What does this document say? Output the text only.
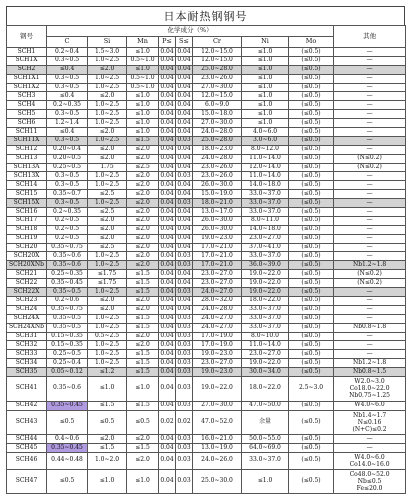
日本耐热钢钢号
钢号	化学成分（%）								其他
	C	Si	Mn	P≤	S≤	Cr	Ni	Mo	
SCH1	0.2~0.4	1.5~3.0	≤1.0	0.04	0.04	12.0~15.0	≤1.0	(≤0.5)	—
SCH1X	0.3~0.5	1.0~2.5	0.5~1.0	0.04	0.04	12.0~15.0	≤1.0	(≤0.5)	—
SCH2	≤0.4	≤2.0	≤1.0	0.04	0.04	25.0~28.0	≤1.0	(≤0.5)	—
SCH1X1	0.3~0.5	1.0~2.5	0.5~1.0	0.04	0.04	23.0~26.0	≤1.0	(≤0.5)	—
SCH1X2	0.3~0.5	1.0~2.5	0.5~1.0	0.04	0.04	27.0~30.0	≤1.0	(≤0.5)	—
SCH3	≤0.4	≤2.0	≤1.0	0.04	0.04	12.0~15.0	≤1.0	(≤0.5)	—
SCH4	0.2~0.35	1.0~2.5	≤1.0	0.04	0.04	6.0~9.0	≤1.0	(≤0.5)	—
SCH5	0.3~0.5	1.0~2.5	≤1.0	0.04	0.04	15.0~18.0	≤1.0	(≤0.5)	—
SCH6	1.2~1.4	1.0~2.5	≤1.0	0.04	0.04	27.0~30.0	≤1.0	(≤0.5)	—
SCH11	≤0.4	≤2.0	≤1.0	0.04	0.04	24.0~28.0	4.0~6.0	(≤0.5)	—
SCH11X	0.3~0.5	1.0~2.5	≤1.5	0.04	0.03	25.0~28.0	3.0~6.0	(≤0.5)	—
SCH12	0.20~0.4	≤2.0	≤2.0	0.04	0.04	18.0~23.0	8.0~12.0	(≤0.5)	—
SCH13	0.20~0.5	≤2.0	≤2.0	0.04	0.04	24.0~28.0	11.0~14.0	(≤0.5)	(N≤0.2)
SCH13A	0.25~0.5	1.75	≤2.5	0.04	0.04	23.0~26.0	12.0~14.0	(≤0.5)	(N≤0.2)
SCH13X	0.3~0.5	1.0~2.5	≤2.0	0.04	0.03	23.0~26.0	11.0~14.0	(≤0.5)	—
SCH14	0.3~0.5	1.0~2.5	≤2.0	0.04	0.04	26.0~30.0	14.0~18.0	(≤0.5)	—
SCH15	0.35~0.7	≤2.5	≤2.0	0.04	0.04	15.0~19.0	33.0~37.0	(≤0.5)	—
SCH15X	0.3~0.5	1.0~2.5	≤2.0	0.04	0.03	18.0~21.0	33.0~37.0	(≤0.5)	—
SCH16	0.2~0.35	≤2.5	≤2.0	0.04	0.04	13.0~17.0	33.0~37.0	(≤0.5)	—
SCH17	0.2~0.5	≤2.0	≤2.0	0.04	0.04	26.0~30.0	8.0~11.0	(≤0.5)	—
SCH18	0.2~0.5	≤2.0	≤2.0	0.04	0.04	26.0~30.0	14.0~18.0	(≤0.5)	—
SCH19	0.2~0.5	≤2.0	≤2.0	0.04	0.04	19.0~23.0	23.0~27.0	(≤0.5)	—
SCH20	0.35~0.75	≤2.5	≤2.0	0.04	0.04	17.0~21.0	37.0~41.0	(≤0.5)	—
SCH20X	0.35~0.6	1.0~2.5	≤2.0	0.04	0.03	17.0~21.0	33.0~37.0	(≤0.5)	—
SCH20XNb	0.35~0.6	1.0~2.5	≤2.0	0.04	0.03	17.0~21.0	36.0~39.0	(≤0.5)	Nb1.2~1.8
SCH21	0.25~0.35	≤1.75	≤1.5	0.04	0.04	23.0~27.0	19.0~22.0	(≤0.5)	(N≤0.2)
SCH22	0.35~0.45	≤1.75	≤1.5	0.04	0.04	23.0~27.0	19.0~22.0	(≤0.5)	(N≤0.2)
SCH22X	0.35~0.5	1.0~2.5	≤1.5	0.04	0.03	24.0~27.0	19.0~22.0	(≤0.5)	—
SCH23	0.2~0.6	≤2.0	≤2.0	0.04	0.04	28.0~32.0	18.0~22.0	(≤0.5)	—
SCH24	0.35~0.75	≤2.0	≤2.0	0.04	0.04	24.0~28.0	33.0~37.0	(≤0.5)	—
SCH24X	0.35~0.5	1.0~2.5	≤1.5	0.04	0.03	24.0~27.0	33.0~37.0	(≤0.5)	—
SCH24XNb	0.35~0.5	1.0~2.5	≤1.5	0.04	0.03	24.0~27.0	33.0~37.0	(≤0.5)	Nb0.8~1.8
SCH31	0.15~0.35	0.5~2.5	≤2.0	0.04	0.03	17.0~19.0	8.0~10.0	(≤0.5)	—
SCH32	0.15~0.35	1.0~2.5	≤2.0	0.04	0.03	17.0~19.0	11.0~14.0	(≤0.5)	—
SCH33	0.25~0.5	1.0~2.5	≤1.5	0.04	0.03	19.0~23.0	23.0~27.0	(≤0.5)	—
SCH34	0.25~0.4	1.0~2.5	≤1.5	0.04	0.03	23.0~27.0	19.0~22.0	(≤0.5)	Nb1.2~1.8
SCH35	0.05~0.12	≤1.2	≤1.5	0.04	0.03	19.0~23.0	30.0~34.0	(≤0.5)	Nb0.8~1.5
SCH41	0.35~0.6	≤1.0	≤1.0	0.04	0.03	19.0~22.0	18.0~22.0	2.5~3.0	W2.0~3.0
Co18.0~22.0
Nb0.75~1.25

SCH42	0.35~0.45	≤1.5	≤1.5	0.04	0.03	27.0~30.0	47.0~50.0	(≤0.5)	W4.0~6.0
SCH43	≤0.5	≤0.5	≤0.5	0.02	0.02	47.0~52.0	余量	(≤0.5)	Nb1.4~1.7
N≤0.16
(N+C)≤0.2

SCH44	0.4~0.6	≤2.0	≤2.0	0.04	0.03	16.0~21.0	50.0~55.0	(≤0.5)	—
SCH45	0.35~0.45	≤1.5	≤1.5	0.04	0.03	13.0~19.0	64.0~69.0	(≤0.5)	—
SCH46	0.44~0.48	1.0~2.0	≤2.0	0.04	0.03	24.0~26.0	33.0~37.0	(≤0.5)	W4.0~6.0
Co14.0~16.0

SCH47	≤0.5	≤1.0	≤1.0	0.04	0.03	25.0~30.0	≤1.0	(≤0.5)	Co48.0~52.0
Nb≤0.5
Fe≤20.0
